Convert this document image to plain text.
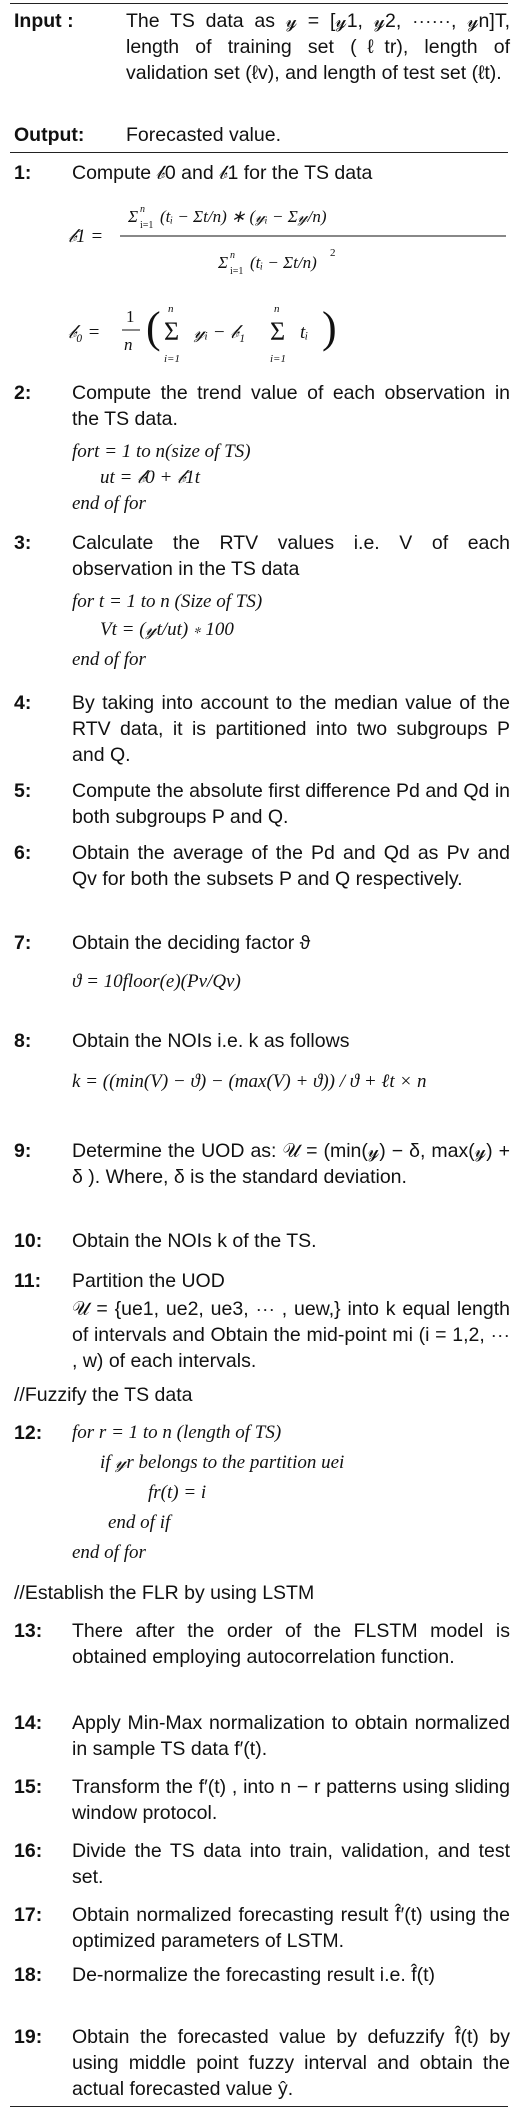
Input :	The TS data as 𝓎 = [𝓎1, 𝓎2, ⋯⋯, 𝓎n]T, length of training set (ℓtr), length of validation set (ℓv), and length of test set (ℓt).
Output:	Forecasted value.
1:	Compute 𝒷0 and 𝒷1 for the TS data
𝒷1 =
Σ i=1
n (tᵢ − Σt/n) ∗ (𝓎ᵢ − Σ𝓎/n)
Σ i=1
n (tᵢ − Σt/n) 2
𝒷₀ =
1
n ( Σ
n
i=1
𝓎ᵢ − 𝒷₁ Σ
n
i=1
tᵢ )
2:	Compute the trend value of each observation in the TS data.
fort = 1 to n(size of TS)
ut = 𝒷0 + 𝒷1t
end of for
3:	Calculate the RTV values i.e. V of each observation in the TS data
for t = 1 to n (Size of TS)
Vt = (𝓎t/ut) ∗ 100
end of for
4:	By taking into account to the median value of the RTV data, it is partitioned into two subgroups P and Q.
5:	Compute the absolute first difference Pd and Qd in both subgroups P and Q.
6:	Obtain the average of the Pd and Qd as Pv and Qv for both the subsets P and Q respectively.
7:	Obtain the deciding factor ϑ
ϑ = 10floor(e)(Pv/Qv)
8:	Obtain the NOIs i.e. k as follows
k = ((min(V) − ϑ) − (max(V) + ϑ)) / ϑ + ℓt × n
9:	Determine the UOD as: 𝒰 = (min(𝓎) − δ, max(𝓎) + δ ). Where, δ is the standard deviation.
10:	Obtain the NOIs k of the TS.
11:	Partition the UOD
𝒰 = {ue1, ue2, ue3, ⋯ , uew,} into k equal length of intervals and Obtain the mid-point mi (i = 1,2, ⋯ , w) of each intervals.
//Fuzzify the TS data
12:	for r = 1 to n (length of TS)
if 𝓎r belongs to the partition uei
fr(t) = i
end of if
end of for
//Establish the FLR by using LSTM
13:	There after the order of the FLSTM model is obtained employing autocorrelation function.
14:	Apply Min-Max normalization to obtain normalized in sample TS data f′(t).
15:	Transform the f′(t) , into n − r patterns using sliding window protocol.
16:	Divide the TS data into train, validation, and test set.
17:	Obtain normalized forecasting result f̂′(t) using the optimized parameters of LSTM.
18:	De-normalize the forecasting result i.e. f̂(t)
19:	Obtain the forecasted value by defuzzify f̂(t) by using middle point fuzzy interval and obtain the actual forecasted value ŷ.
